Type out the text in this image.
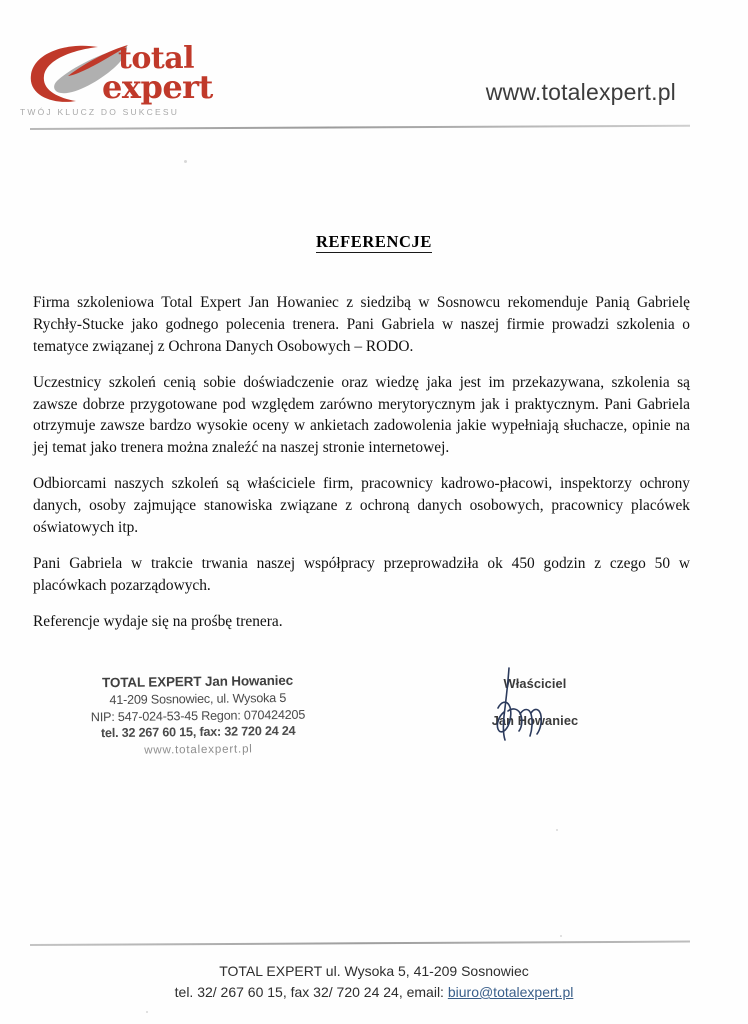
total
expert
TWÓJ KLUCZ DO SUKCESU
www.totalexpert.pl
REFERENCJE

Firma szkoleniowa Total Expert Jan Howaniec z siedzibą w Sosnowcu rekomenduje Panią Gabrielę Rychły-Stucke jako godnego polecenia trenera. Pani Gabriela w naszej firmie prowadzi szkolenia o tematyce związanej z Ochrona Danych Osobowych – RODO.

Uczestnicy szkoleń cenią sobie doświadczenie oraz wiedzę jaka jest im przekazywana, szkolenia są zawsze dobrze przygotowane pod względem zarówno merytorycznym jak i praktycznym. Pani Gabriela otrzymuje zawsze bardzo wysokie oceny w ankietach zadowolenia jakie wypełniają słuchacze, opinie na jej temat jako trenera można znaleźć na naszej stronie internetowej.

Odbiorcami naszych szkoleń są właściciele firm, pracownicy kadrowo-płacowi, inspektorzy ochrony danych, osoby zajmujące stanowiska związane z ochroną danych osobowych, pracownicy placówek oświatowych itp.

Pani Gabriela w trakcie trwania naszej współpracy przeprowadziła ok 450 godzin z czego 50 w placówkach pozarządowych.

Referencje wydaje się na prośbę trenera.

TOTAL EXPERT Jan Howaniec
41-209 Sosnowiec, ul. Wysoka 5
NIP: 547-024-53-45 Regon: 070424205
tel. 32 267 60 15, fax: 32 720 24 24
www.totalexpert.pl
Właściciel
Jan Howaniec
TOTAL EXPERT ul. Wysoka 5, 41-209 Sosnowiec
tel. 32/ 267 60 15, fax 32/ 720 24 24, email: biuro@totalexpert.pl
